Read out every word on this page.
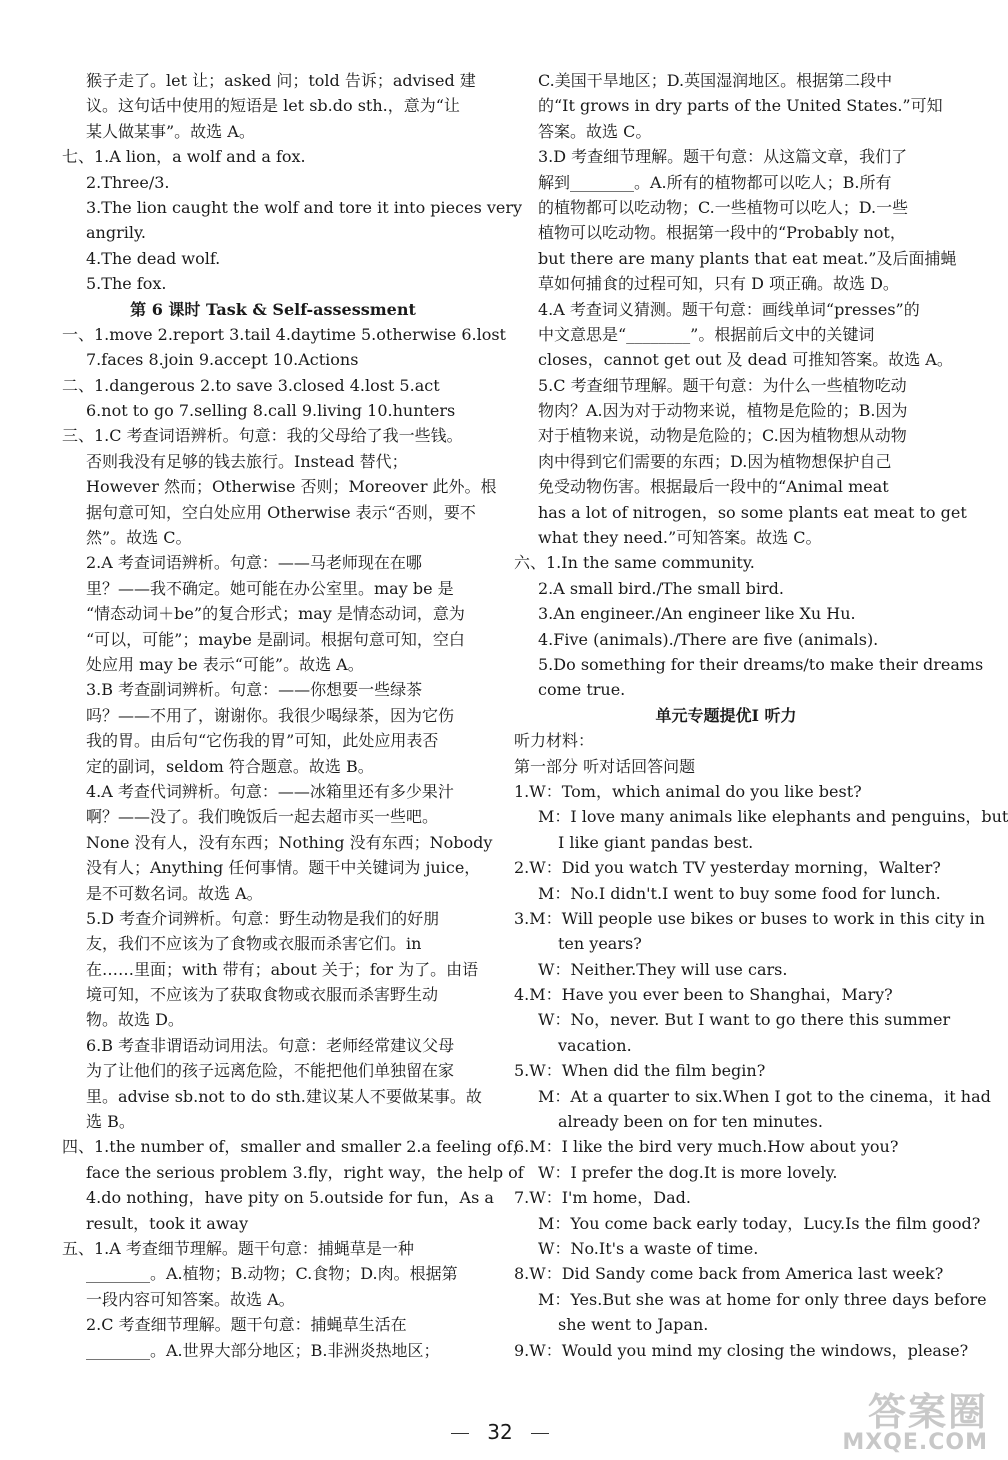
猴子走了。let 让；asked 问；told 告诉；advised 建
议。这句话中使用的短语是 let sb.do sth.，意为“让
某人做某事”。故选 A。
七、1.A lion，a wolf and a fox.
2.Three/3.
3.The lion caught the wolf and tore it into pieces very
angrily.
4.The dead wolf.
5.The fox.
第 6 课时 Task & Self-assessment
一、1.move 2.report 3.tail 4.daytime 5.otherwise 6.lost
7.faces 8.join 9.accept 10.Actions
二、1.dangerous 2.to save 3.closed 4.lost 5.act
6.not to go 7.selling 8.call 9.living 10.hunters
三、1.C 考查词语辨析。句意：我的父母给了我一些钱。
否则我没有足够的钱去旅行。Instead 替代；
However 然而；Otherwise 否则；Moreover 此外。根
据句意可知，空白处应用 Otherwise 表示“否则，要不
然”。故选 C。
2.A 考查词语辨析。句意：——马老师现在在哪
里？——我不确定。她可能在办公室里。may be 是
“情态动词＋be”的复合形式；may 是情态动词，意为
“可以，可能”；maybe 是副词。根据句意可知，空白
处应用 may be 表示“可能”。故选 A。
3.B 考查副词辨析。句意：——你想要一些绿茶
吗？——不用了，谢谢你。我很少喝绿茶，因为它伤
我的胃。由后句“它伤我的胃”可知，此处应用表否
定的副词，seldom 符合题意。故选 B。
4.A 考查代词辨析。句意：——冰箱里还有多少果汁
啊？——没了。我们晚饭后一起去超市买一些吧。
None 没有人，没有东西；Nothing 没有东西；Nobody
没有人；Anything 任何事情。题干中关键词为 juice，
是不可数名词。故选 A。
5.D 考查介词辨析。句意：野生动物是我们的好朋
友，我们不应该为了食物或衣服而杀害它们。in
在……里面；with 带有；about 关于；for 为了。由语
境可知，不应该为了获取食物或衣服而杀害野生动
物。故选 D。
6.B 考查非谓语动词用法。句意：老师经常建议父母
为了让他们的孩子远离危险，不能把他们单独留在家
里。advise sb.not to do sth.建议某人不要做某事。故
选 B。
四、1.the number of，smaller and smaller 2.a feeling of，
face the serious problem 3.fly，right way，the help of
4.do nothing，have pity on 5.outside for fun，As a
result，took it away
五、1.A 考查细节理解。题干句意：捕蝇草是一种
________。A.植物；B.动物；C.食物；D.肉。根据第
一段内容可知答案。故选 A。
2.C 考查细节理解。题干句意：捕蝇草生活在
________。A.世界大部分地区；B.非洲炎热地区；
C.美国干旱地区；D.英国湿润地区。根据第二段中
的“It grows in dry parts of the United States.”可知
答案。故选 C。
3.D 考查细节理解。题干句意：从这篇文章，我们了
解到________。A.所有的植物都可以吃人；B.所有
的植物都可以吃动物；C.一些植物可以吃人；D.一些
植物可以吃动物。根据第一段中的“Probably not，
but there are many plants that eat meat.”及后面捕蝇
草如何捕食的过程可知，只有 D 项正确。故选 D。
4.A 考查词义猜测。题干句意：画线单词“presses”的
中文意思是“________”。根据前后文中的关键词
closes，cannot get out 及 dead 可推知答案。故选 A。
5.C 考查细节理解。题干句意：为什么一些植物吃动
物肉？A.因为对于动物来说，植物是危险的；B.因为
对于植物来说，动物是危险的；C.因为植物想从动物
肉中得到它们需要的东西；D.因为植物想保护自己
免受动物伤害。根据最后一段中的“Animal meat
has a lot of nitrogen，so some plants eat meat to get
what they need.”可知答案。故选 C。
六、1.In the same community.
2.A small bird./The small bird.
3.An engineer./An engineer like Xu Hu.
4.Five (animals)./There are five (animals).
5.Do something for their dreams/to make their dreams
come true.
单元专题提优Ⅰ 听力
听力材料：
第一部分 听对话回答问题
1.W：Tom，which animal do you like best?
M：I love many animals like elephants and penguins，but
I like giant pandas best.
2.W：Did you watch TV yesterday morning，Walter?
M：No.I didn't.I went to buy some food for lunch.
3.M：Will people use bikes or buses to work in this city in
ten years?
W：Neither.They will use cars.
4.M：Have you ever been to Shanghai，Mary?
W：No，never. But I want to go there this summer
vacation.
5.W：When did the film begin?
M：At a quarter to six.When I got to the cinema，it had
already been on for ten minutes.
6.M：I like the bird very much.How about you?
W：I prefer the dog.It is more lovely.
7.W：I'm home，Dad.
M：You come back early today，Lucy.Is the film good?
W：No.It's a waste of time.
8.W：Did Sandy come back from America last week?
M：Yes.But she was at home for only three days before
she went to Japan.
9.W：Would you mind my closing the windows，please?
32	答案圈
MXQE.COM
